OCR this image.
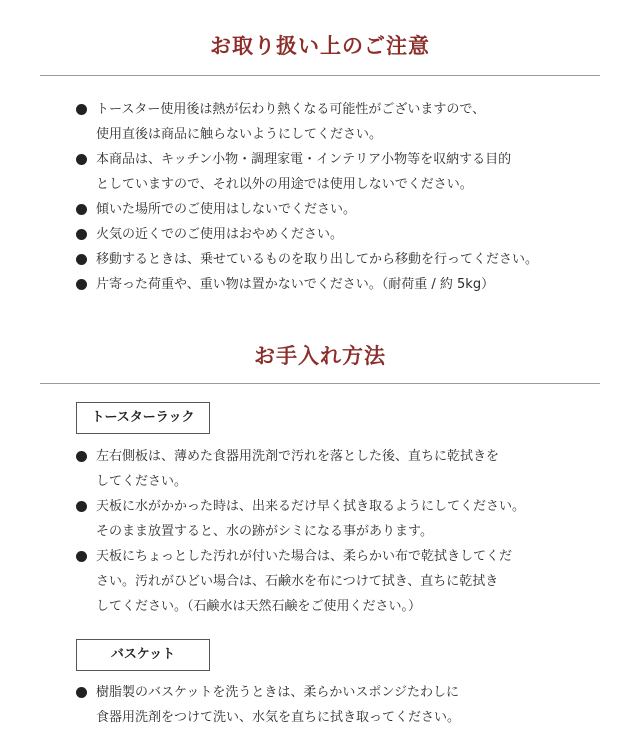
お取り扱い上のご注意
トースター使用後は熱が伝わり熱くなる可能性がございますので、
使用直後は商品に触らないようにしてください。
本商品は、キッチン小物・調理家電・インテリア小物等を収納する目的
としていますので、それ以外の用途では使用しないでください。
傾いた場所でのご使用はしないでください。
火気の近くでのご使用はおやめください。
移動するときは、乗せているものを取り出してから移動を行ってください。
片寄った荷重や、重い物は置かないでください。（耐荷重 / 約 5kg）
お手入れ方法
トースターラック
左右側板は、薄めた食器用洗剤で汚れを落とした後、直ちに乾拭きを
してください。
天板に水がかかった時は、出来るだけ早く拭き取るようにしてください。
そのまま放置すると、水の跡がシミになる事があります。
天板にちょっとした汚れが付いた場合は、柔らかい布で乾拭きしてくだ
さい。汚れがひどい場合は、石鹸水を布につけて拭き、直ちに乾拭き
してください。（石鹸水は天然石鹸をご使用ください。）
バスケット
樹脂製のバスケットを洗うときは、柔らかいスポンジたわしに
食器用洗剤をつけて洗い、水気を直ちに拭き取ってください。
